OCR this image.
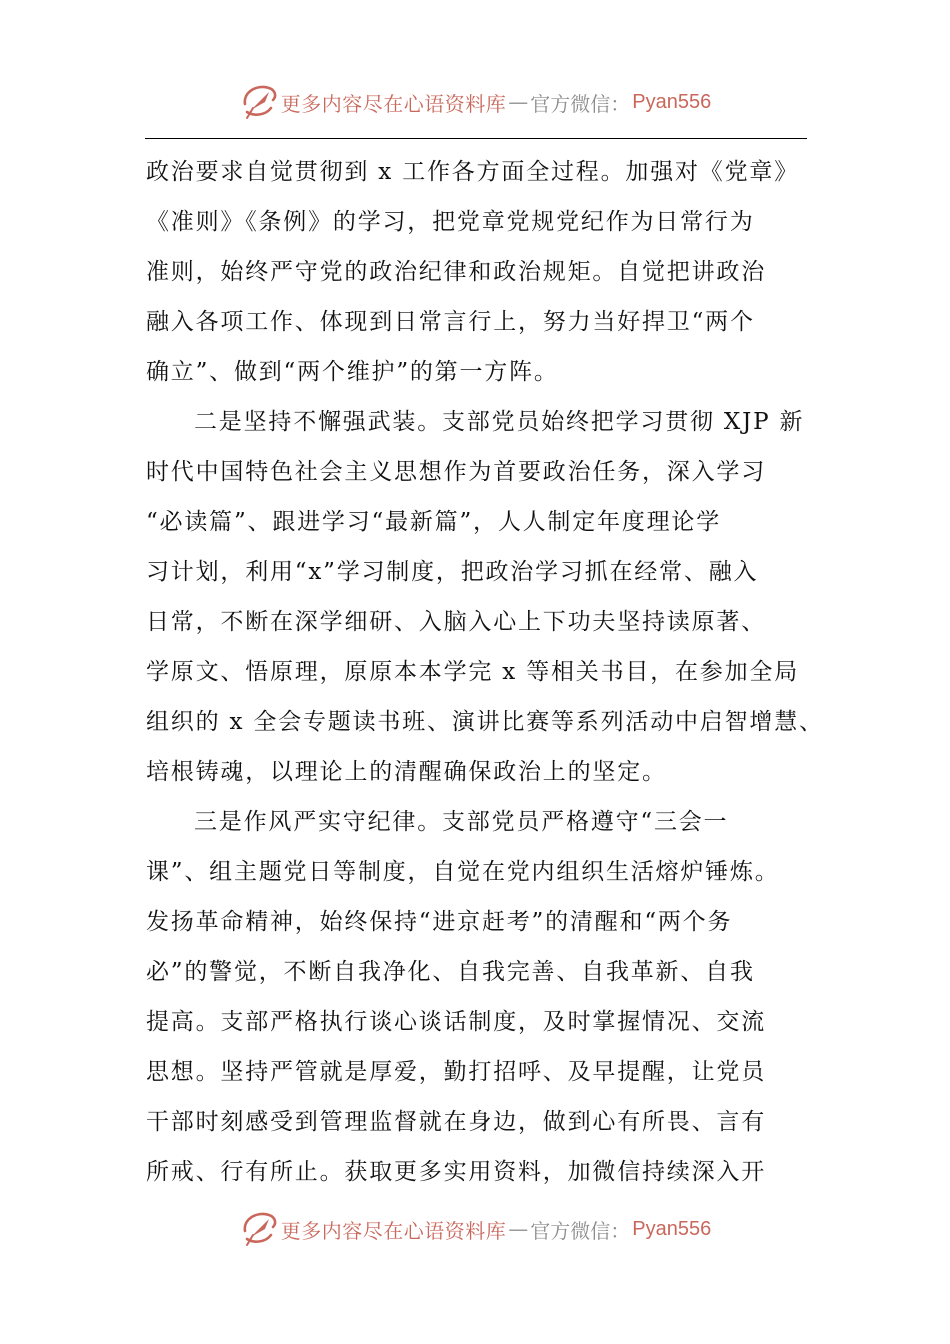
更多内容尽在心语资料库 — 官方微信： Pyan556
政治要求自觉贯彻到 x 工作各方面全过程。加强对《党章》
《准则》《条例》的学习，把党章党规党纪作为日常行为
准则，始终严守党的政治纪律和政治规矩。自觉把讲政治
融入各项工作、体现到日常言行上，努力当好捍卫“两个
确立”、做到“两个维护”的第一方阵。
二是坚持不懈强武装。支部党员始终把学习贯彻 XJP 新
时代中国特色社会主义思想作为首要政治任务，深入学习
“必读篇”、跟进学习“最新篇”，人人制定年度理论学
习计划，利用“x”学习制度，把政治学习抓在经常、融入
日常，不断在深学细研、入脑入心上下功夫坚持读原著、
学原文、悟原理，原原本本学完 x 等相关书目，在参加全局
组织的 x 全会专题读书班、演讲比赛等系列活动中启智增慧、
培根铸魂，以理论上的清醒确保政治上的坚定。
三是作风严实守纪律。支部党员严格遵守“三会一
课”、组主题党日等制度，自觉在党内组织生活熔炉锤炼。
发扬革命精神，始终保持“进京赶考”的清醒和“两个务
必”的警觉，不断自我净化、自我完善、自我革新、自我
提高。支部严格执行谈心谈话制度，及时掌握情况、交流
思想。坚持严管就是厚爱，勤打招呼、及早提醒，让党员
干部时刻感受到管理监督就在身边，做到心有所畏、言有
所戒、行有所止。获取更多实用资料，加微信持续深入开
更多内容尽在心语资料库 — 官方微信： Pyan556
